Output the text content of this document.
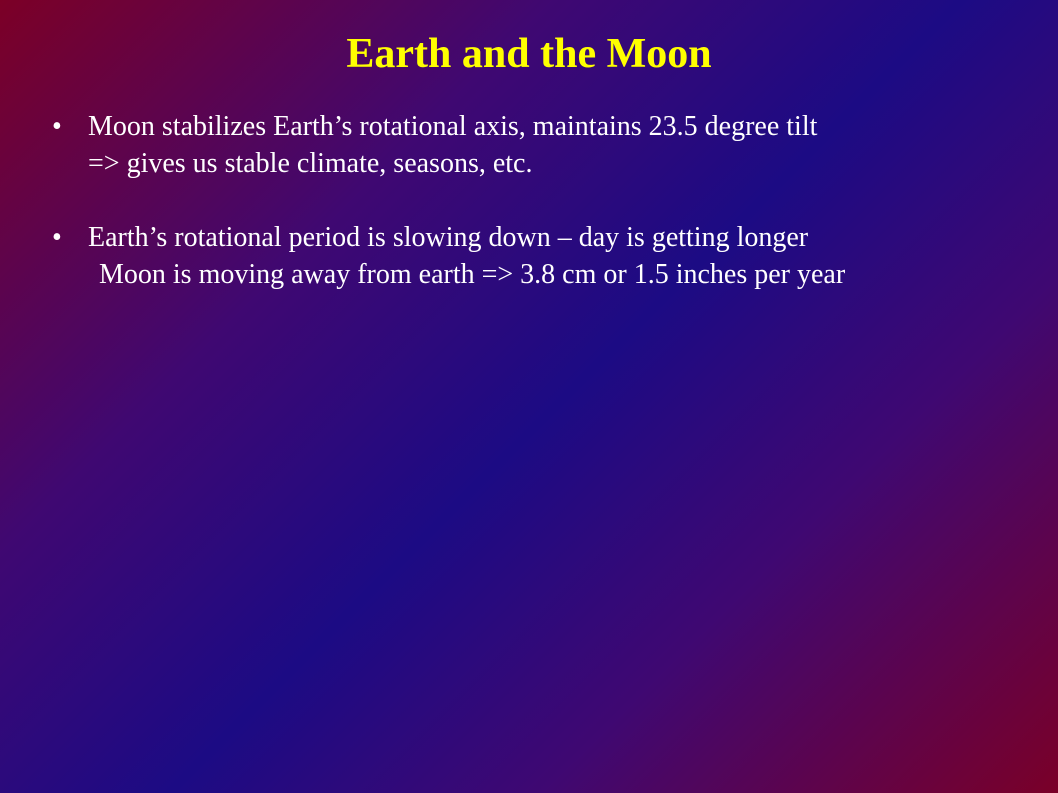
Earth and the Moon
• Moon stabilizes Earth’s rotational axis, maintains 23.5 degree tilt
=> gives us stable climate, seasons, etc.
• Earth’s rotational period is slowing down – day is getting longer
Moon is moving away from earth => 3.8 cm or 1.5 inches per year
